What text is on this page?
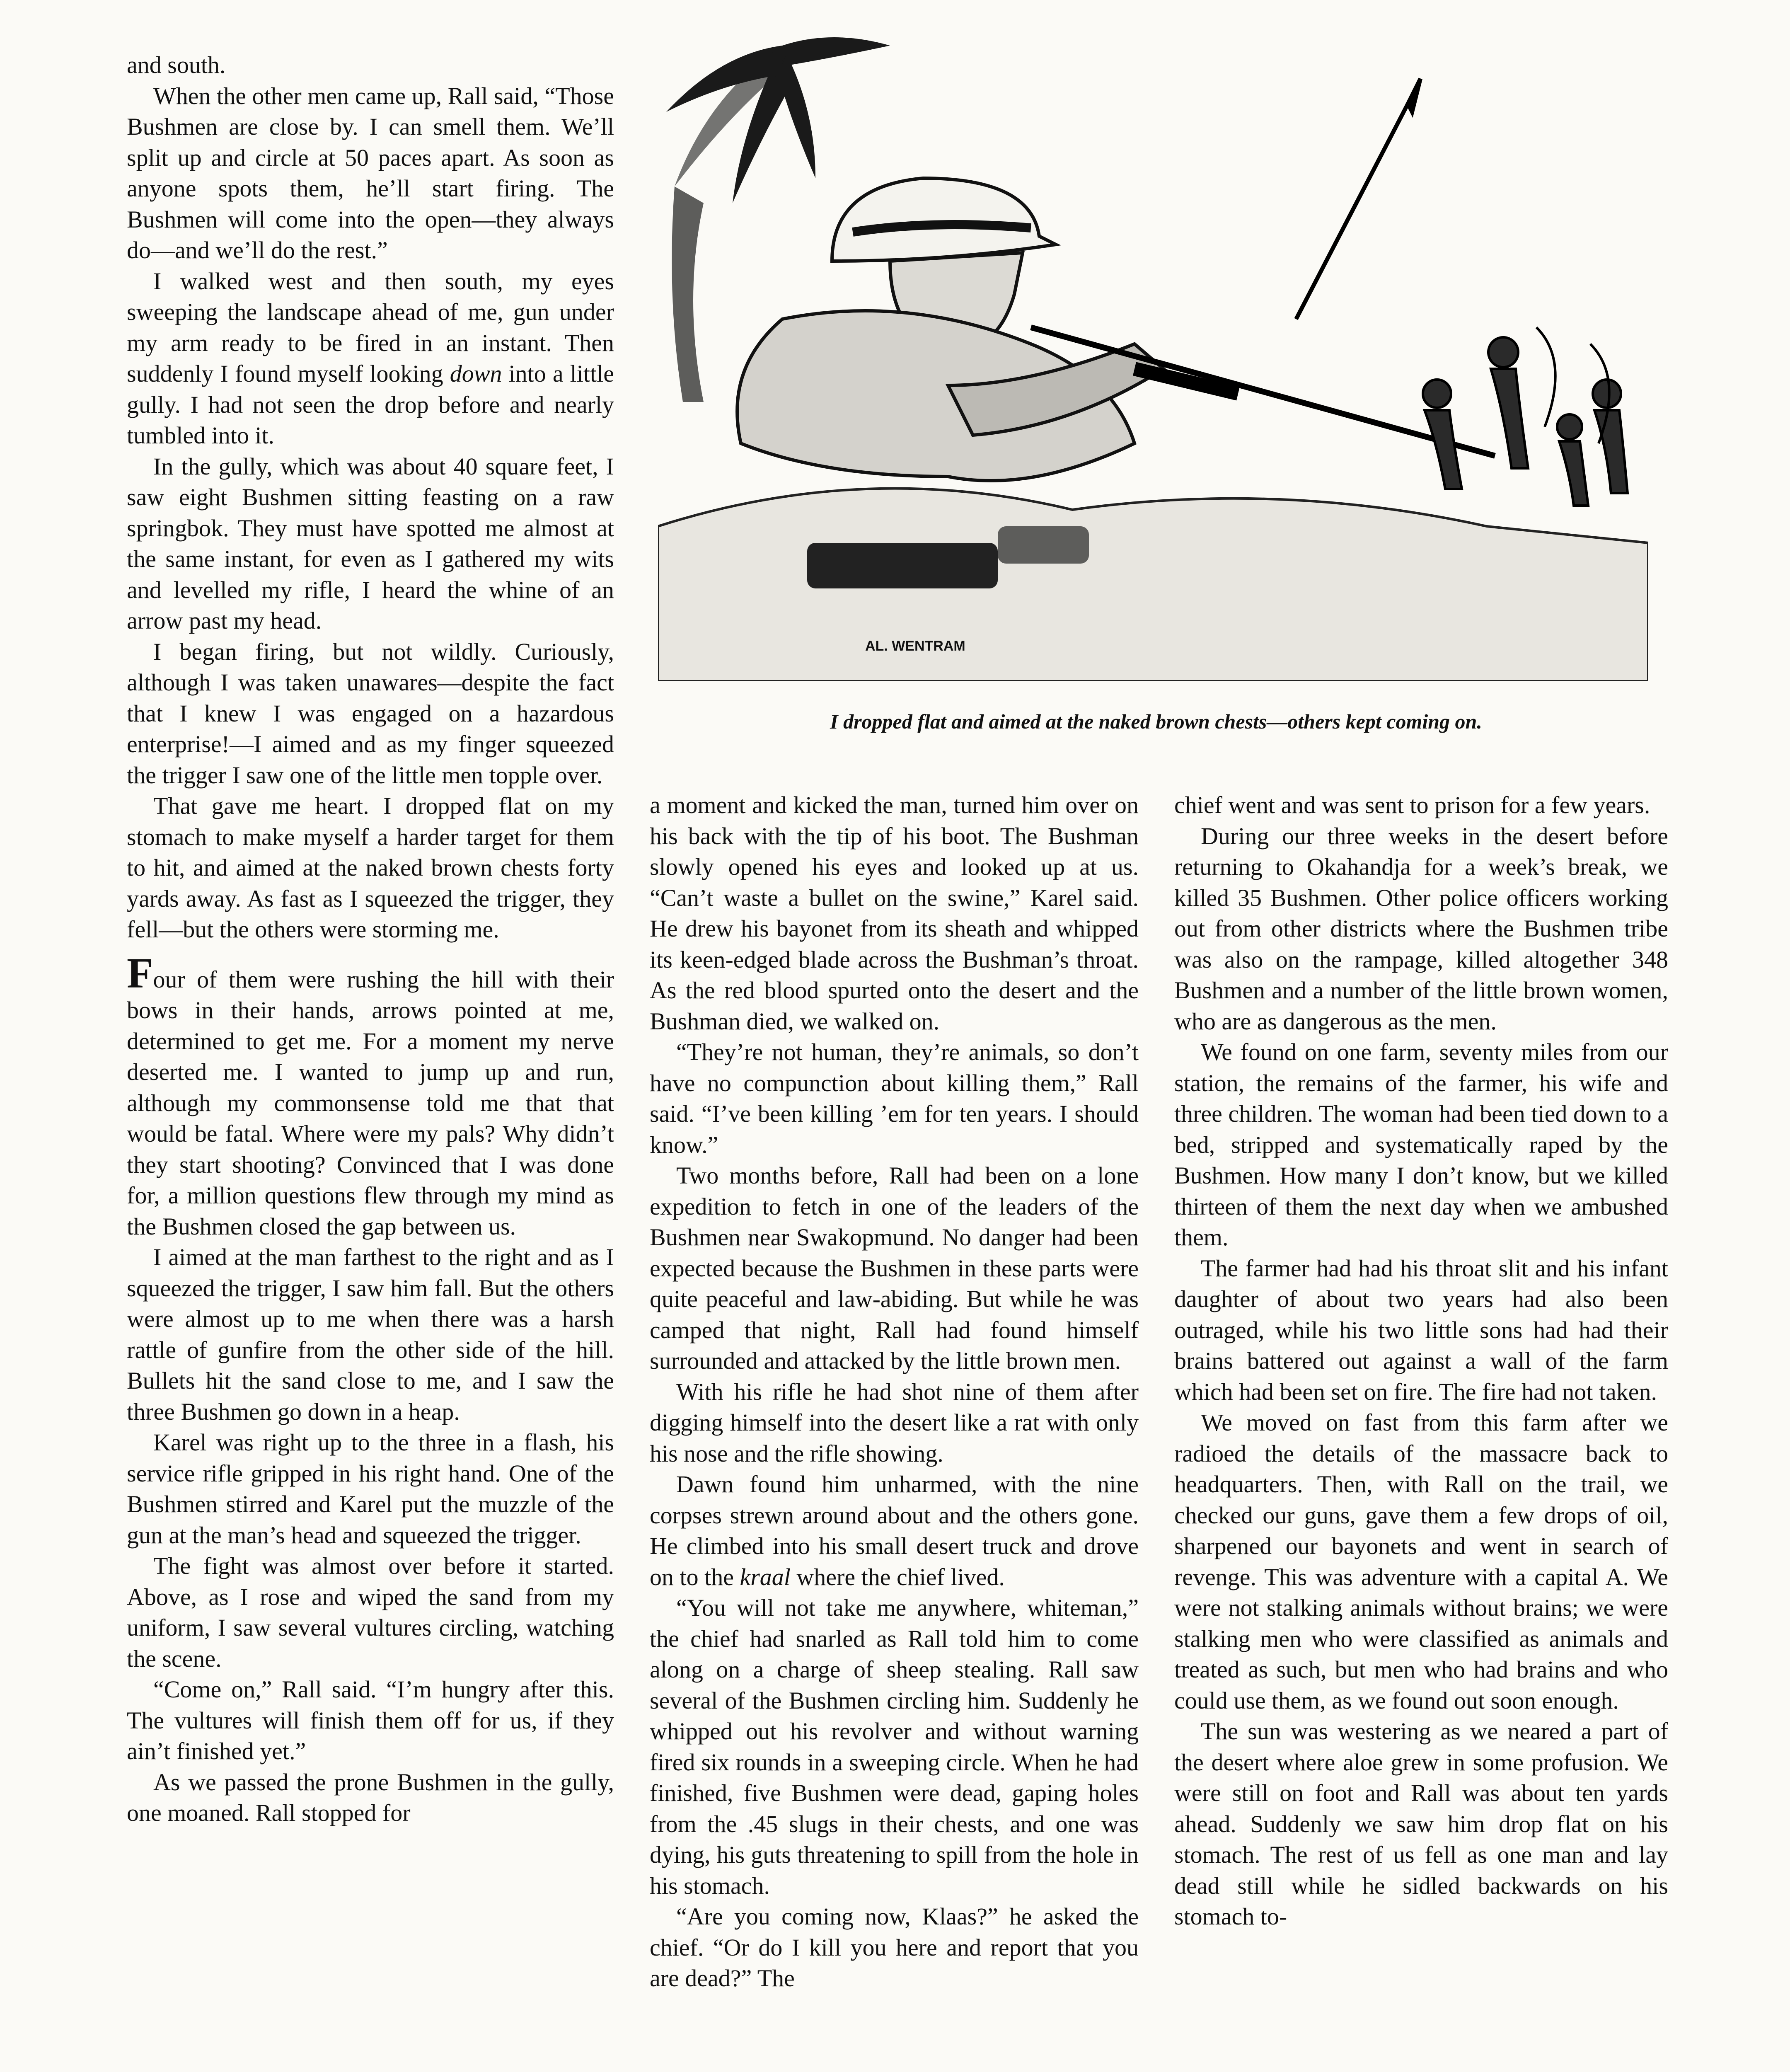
and south.

When the other men came up, Rall said, “Those Bushmen are close by. I can smell them. We’ll split up and circle at 50 paces apart. As soon as anyone spots them, he’ll start firing. The Bushmen will come into the open—they always do—and we’ll do the rest.”

I walked west and then south, my eyes sweeping the landscape ahead of me, gun under my arm ready to be fired in an instant. Then suddenly I found myself looking down into a little gully. I had not seen the drop before and nearly tumbled into it.

In the gully, which was about 40 square feet, I saw eight Bushmen sitting feasting on a raw springbok. They must have spotted me almost at the same instant, for even as I gathered my wits and levelled my rifle, I heard the whine of an arrow past my head.

I began firing, but not wildly. Curiously, although I was taken unawares—despite the fact that I knew I was engaged on a hazardous enterprise!—I aimed and as my finger squeezed the trigger I saw one of the little men topple over.

That gave me heart. I dropped flat on my stomach to make myself a harder target for them to hit, and aimed at the naked brown chests forty yards away. As fast as I squeezed the trigger, they fell—but the others were storming me.

Four of them were rushing the hill with their bows in their hands, arrows pointed at me, determined to get me. For a moment my nerve deserted me. I wanted to jump up and run, although my commonsense told me that that would be fatal. Where were my pals? Why didn’t they start shooting? Convinced that I was done for, a million questions flew through my mind as the Bushmen closed the gap between us.

I aimed at the man farthest to the right and as I squeezed the trigger, I saw him fall. But the others were almost up to me when there was a harsh rattle of gunfire from the other side of the hill. Bullets hit the sand close to me, and I saw the three Bushmen go down in a heap.

Karel was right up to the three in a flash, his service rifle gripped in his right hand. One of the Bushmen stirred and Karel put the muzzle of the gun at the man’s head and squeezed the trigger.

The fight was almost over before it started. Above, as I rose and wiped the sand from my uniform, I saw several vultures circling, watching the scene.

“Come on,” Rall said. “I’m hungry after this. The vultures will finish them off for us, if they ain’t finished yet.”

As we passed the prone Bushmen in the gully, one moaned. Rall stopped for

AL. WENTRAM
I dropped flat and aimed at the naked brown chests—others kept coming on.

a moment and kicked the man, turned him over on his back with the tip of his boot. The Bushman slowly opened his eyes and looked up at us. “Can’t waste a bullet on the swine,” Karel said. He drew his bayonet from its sheath and whipped its keen-edged blade across the Bushman’s throat. As the red blood spurted onto the desert and the Bushman died, we walked on.

“They’re not human, they’re animals, so don’t have no compunction about killing them,” Rall said. “I’ve been killing ’em for ten years. I should know.”

Two months before, Rall had been on a lone expedition to fetch in one of the leaders of the Bushmen near Swakopmund. No danger had been expected because the Bushmen in these parts were quite peaceful and law-abiding. But while he was camped that night, Rall had found himself surrounded and attacked by the little brown men.

With his rifle he had shot nine of them after digging himself into the desert like a rat with only his nose and the rifle showing.

Dawn found him unharmed, with the nine corpses strewn around about and the others gone. He climbed into his small desert truck and drove on to the kraal where the chief lived.

“You will not take me anywhere, whiteman,” the chief had snarled as Rall told him to come along on a charge of sheep stealing. Rall saw several of the Bushmen circling him. Suddenly he whipped out his revolver and without warning fired six rounds in a sweeping circle. When he had finished, five Bushmen were dead, gaping holes from the .45 slugs in their chests, and one was dying, his guts threatening to spill from the hole in his stomach.

“Are you coming now, Klaas?” he asked the chief. “Or do I kill you here and report that you are dead?” The

chief went and was sent to prison for a few years.

During our three weeks in the desert before returning to Okahandja for a week’s break, we killed 35 Bushmen. Other police officers working out from other districts where the Bushmen tribe was also on the rampage, killed altogether 348 Bushmen and a number of the little brown women, who are as dangerous as the men.

We found on one farm, seventy miles from our station, the remains of the farmer, his wife and three children. The woman had been tied down to a bed, stripped and systematically raped by the Bushmen. How many I don’t know, but we killed thirteen of them the next day when we ambushed them.

The farmer had had his throat slit and his infant daughter of about two years had also been outraged, while his two little sons had had their brains battered out against a wall of the farm which had been set on fire. The fire had not taken.

We moved on fast from this farm after we radioed the details of the massacre back to headquarters. Then, with Rall on the trail, we checked our guns, gave them a few drops of oil, sharpened our bayonets and went in search of revenge. This was adventure with a capital A. We were not stalking animals without brains; we were stalking men who were classified as animals and treated as such, but men who had brains and who could use them, as we found out soon enough.

The sun was westering as we neared a part of the desert where aloe grew in some profusion. We were still on foot and Rall was about ten yards ahead. Suddenly we saw him drop flat on his stomach. The rest of us fell as one man and lay dead still while he sidled backwards on his stomach to-
